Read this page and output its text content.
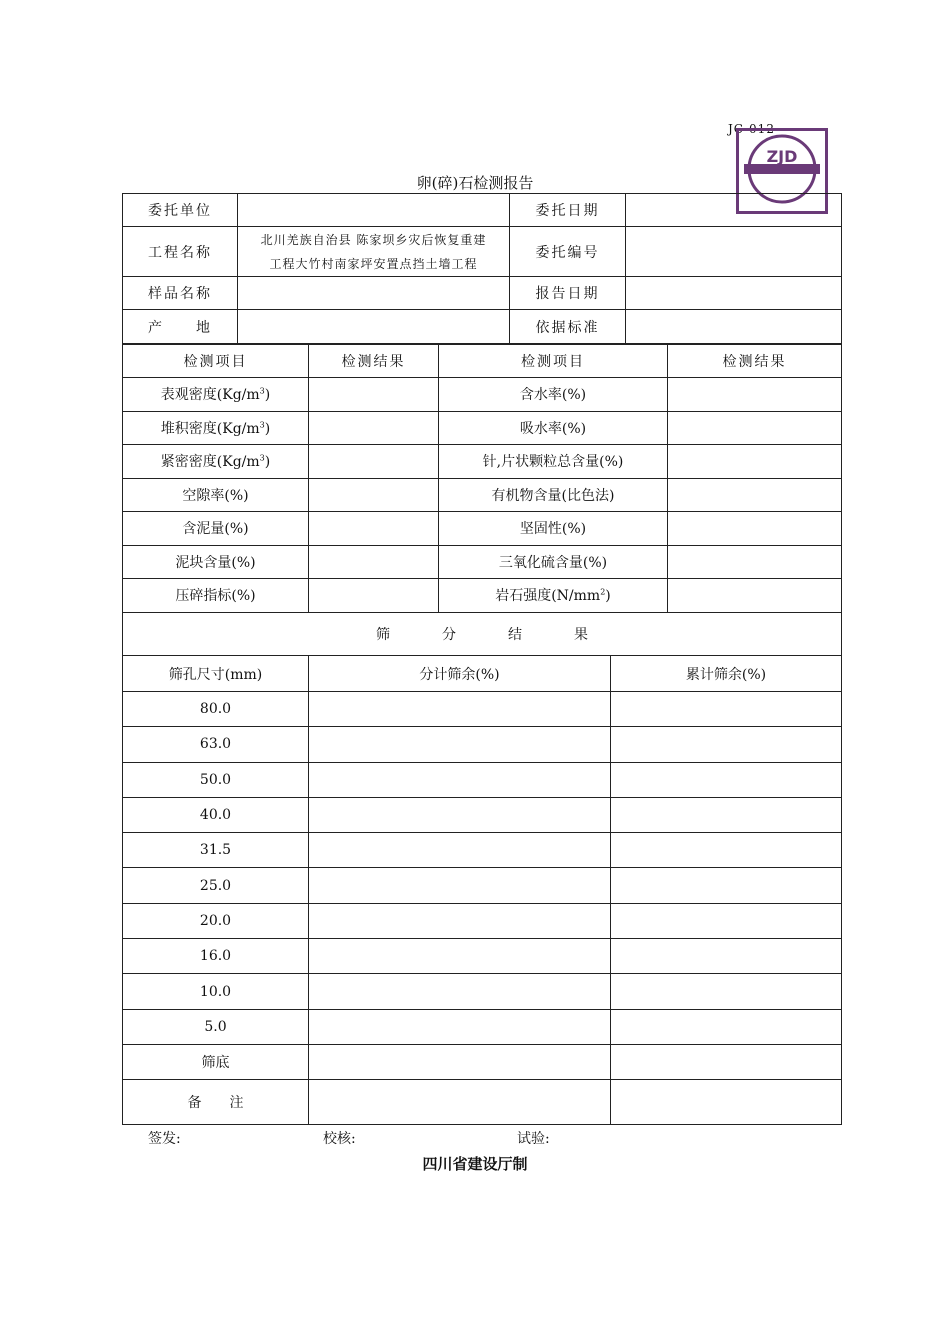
JC-012
ZJD
卵(碎)石检测报告
委托单位		委托日期	
工程名称	北川羌族自治县 陈家坝乡灾后恢复重建
工程大竹村南家坪安置点挡土墙工程	委托编号	
样品名称		报告日期	
产　　地		依据标准	
检测项目	检测结果	检测项目	检测结果
表观密度$(Kg/m^3)$		含水率(%)	
堆积密度$(Kg/m^3)$		吸水率(%)	
紧密密度$(Kg/m^3)$		针,片状颗粒总含量(%)	
空隙率(%)		有机物含量(比色法)	
含泥量(%)		坚固性(%)	
泥块含量(%)		三氧化硫含量(%)	
压碎指标(%)		岩石强度$(N/mm^2)$	
筛 分 结 果			
筛孔尺寸(mm)	分计筛余(%)	累计筛余(%)
80.0		
63.0		
50.0		
40.0		
31.5		
25.0		
20.0		
16.0		
10.0		
5.0		
筛底		
备　　注		
签发:	校核:	试验:
四川省建设厅制
